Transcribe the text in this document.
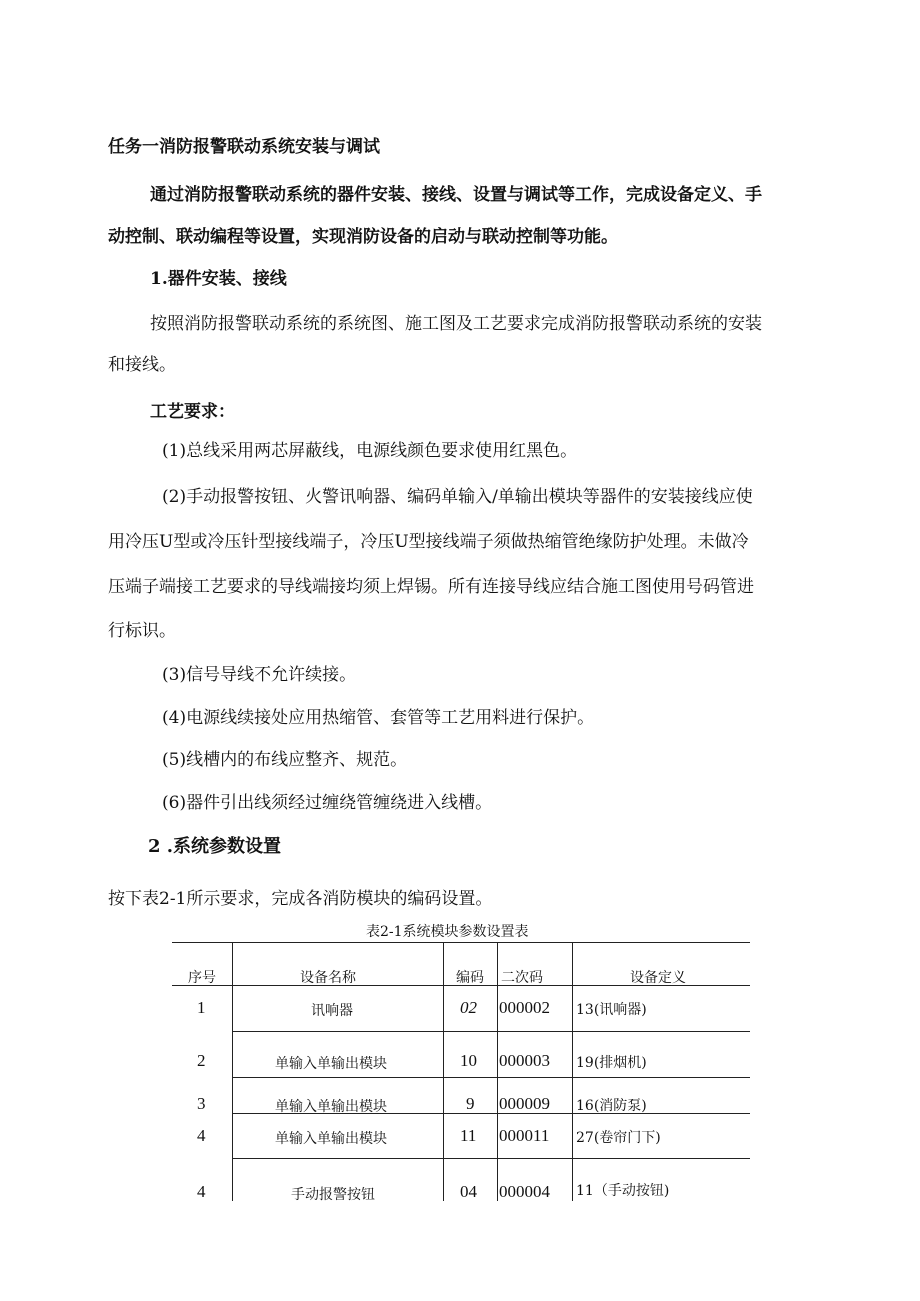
任务一消防报警联动系统安装与调试
通过消防报警联动系统的器件安装、接线、设置与调试等工作，完成设备定义、手
动控制、联动编程等设置，实现消防设备的启动与联动控制等功能。
1.器件安装、接线
按照消防报警联动系统的系统图、施工图及工艺要求完成消防报警联动系统的安装
和接线。
工艺要求：
(1)总线采用两芯屏蔽线，电源线颜色要求使用红黑色。
(2)手动报警按钮、火警讯响器、编码单输入/单输出模块等器件的安装接线应使
用冷压U型或冷压针型接线端子，冷压U型接线端子须做热缩管绝缘防护处理。未做冷
压端子端接工艺要求的导线端接均须上焊锡。所有连接导线应结合施工图使用号码管进
行标识。
(3)信号导线不允许续接。
(4)电源线续接处应用热缩管、套管等工艺用料进行保护。
(5)线槽内的布线应整齐、规范。
(6)器件引出线须经过缠绕管缠绕进入线槽。
2 .系统参数设置
按下表2-1所示要求，完成各消防模块的编码设置。
表2-1系统模块参数设置表
序号	设备名称	编码 二次码	设备定义
1	讯响器	02 000002 13(讯响器)
2	单输入单输出模块	10 000003 19(排烟机)
3	单输入单输出模块	9 000009 16(消防泵)
4	单输入单输出模块	11 000011 27(卷帘门下)
4	手动报警按钮	04 000004 11（手动按钮)
